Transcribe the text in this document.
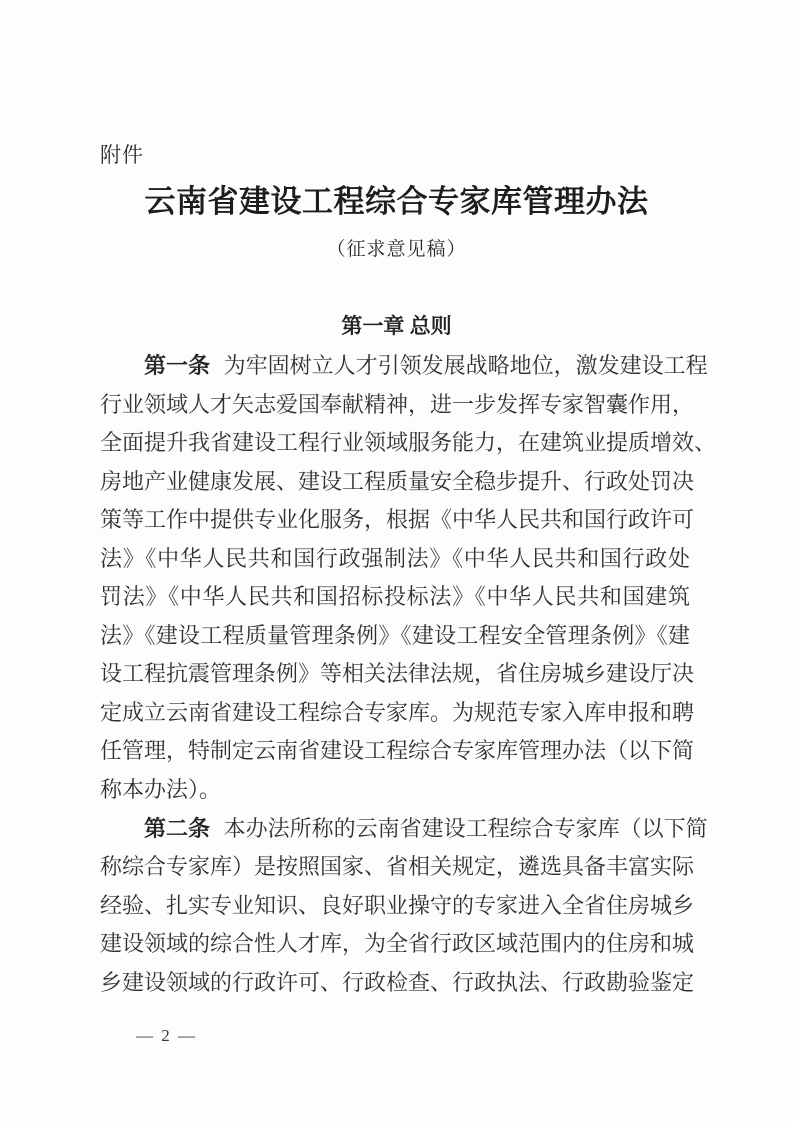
附件
云南省建设工程综合专家库管理办法
（征求意见稿）
第一章 总则
第一条 为牢固树立人才引领发展战略地位，激发建设工程
行业领域人才矢志爱国奉献精神，进一步发挥专家智囊作用，
全面提升我省建设工程行业领域服务能力，在建筑业提质增效、
房地产业健康发展、建设工程质量安全稳步提升、行政处罚决
策等工作中提供专业化服务，根据《中华人民共和国行政许可
法》《中华人民共和国行政强制法》《中华人民共和国行政处
罚法》《中华人民共和国招标投标法》《中华人民共和国建筑
法》《建设工程质量管理条例》《建设工程安全管理条例》《建
设工程抗震管理条例》等相关法律法规，省住房城乡建设厅决
定成立云南省建设工程综合专家库。为规范专家入库申报和聘
任管理，特制定云南省建设工程综合专家库管理办法（以下简
称本办法）。
第二条 本办法所称的云南省建设工程综合专家库（以下简
称综合专家库）是按照国家、省相关规定，遴选具备丰富实际
经验、扎实专业知识、良好职业操守的专家进入全省住房城乡
建设领域的综合性人才库，为全省行政区域范围内的住房和城
乡建设领域的行政许可、行政检查、行政执法、行政勘验鉴定
— 2 —
